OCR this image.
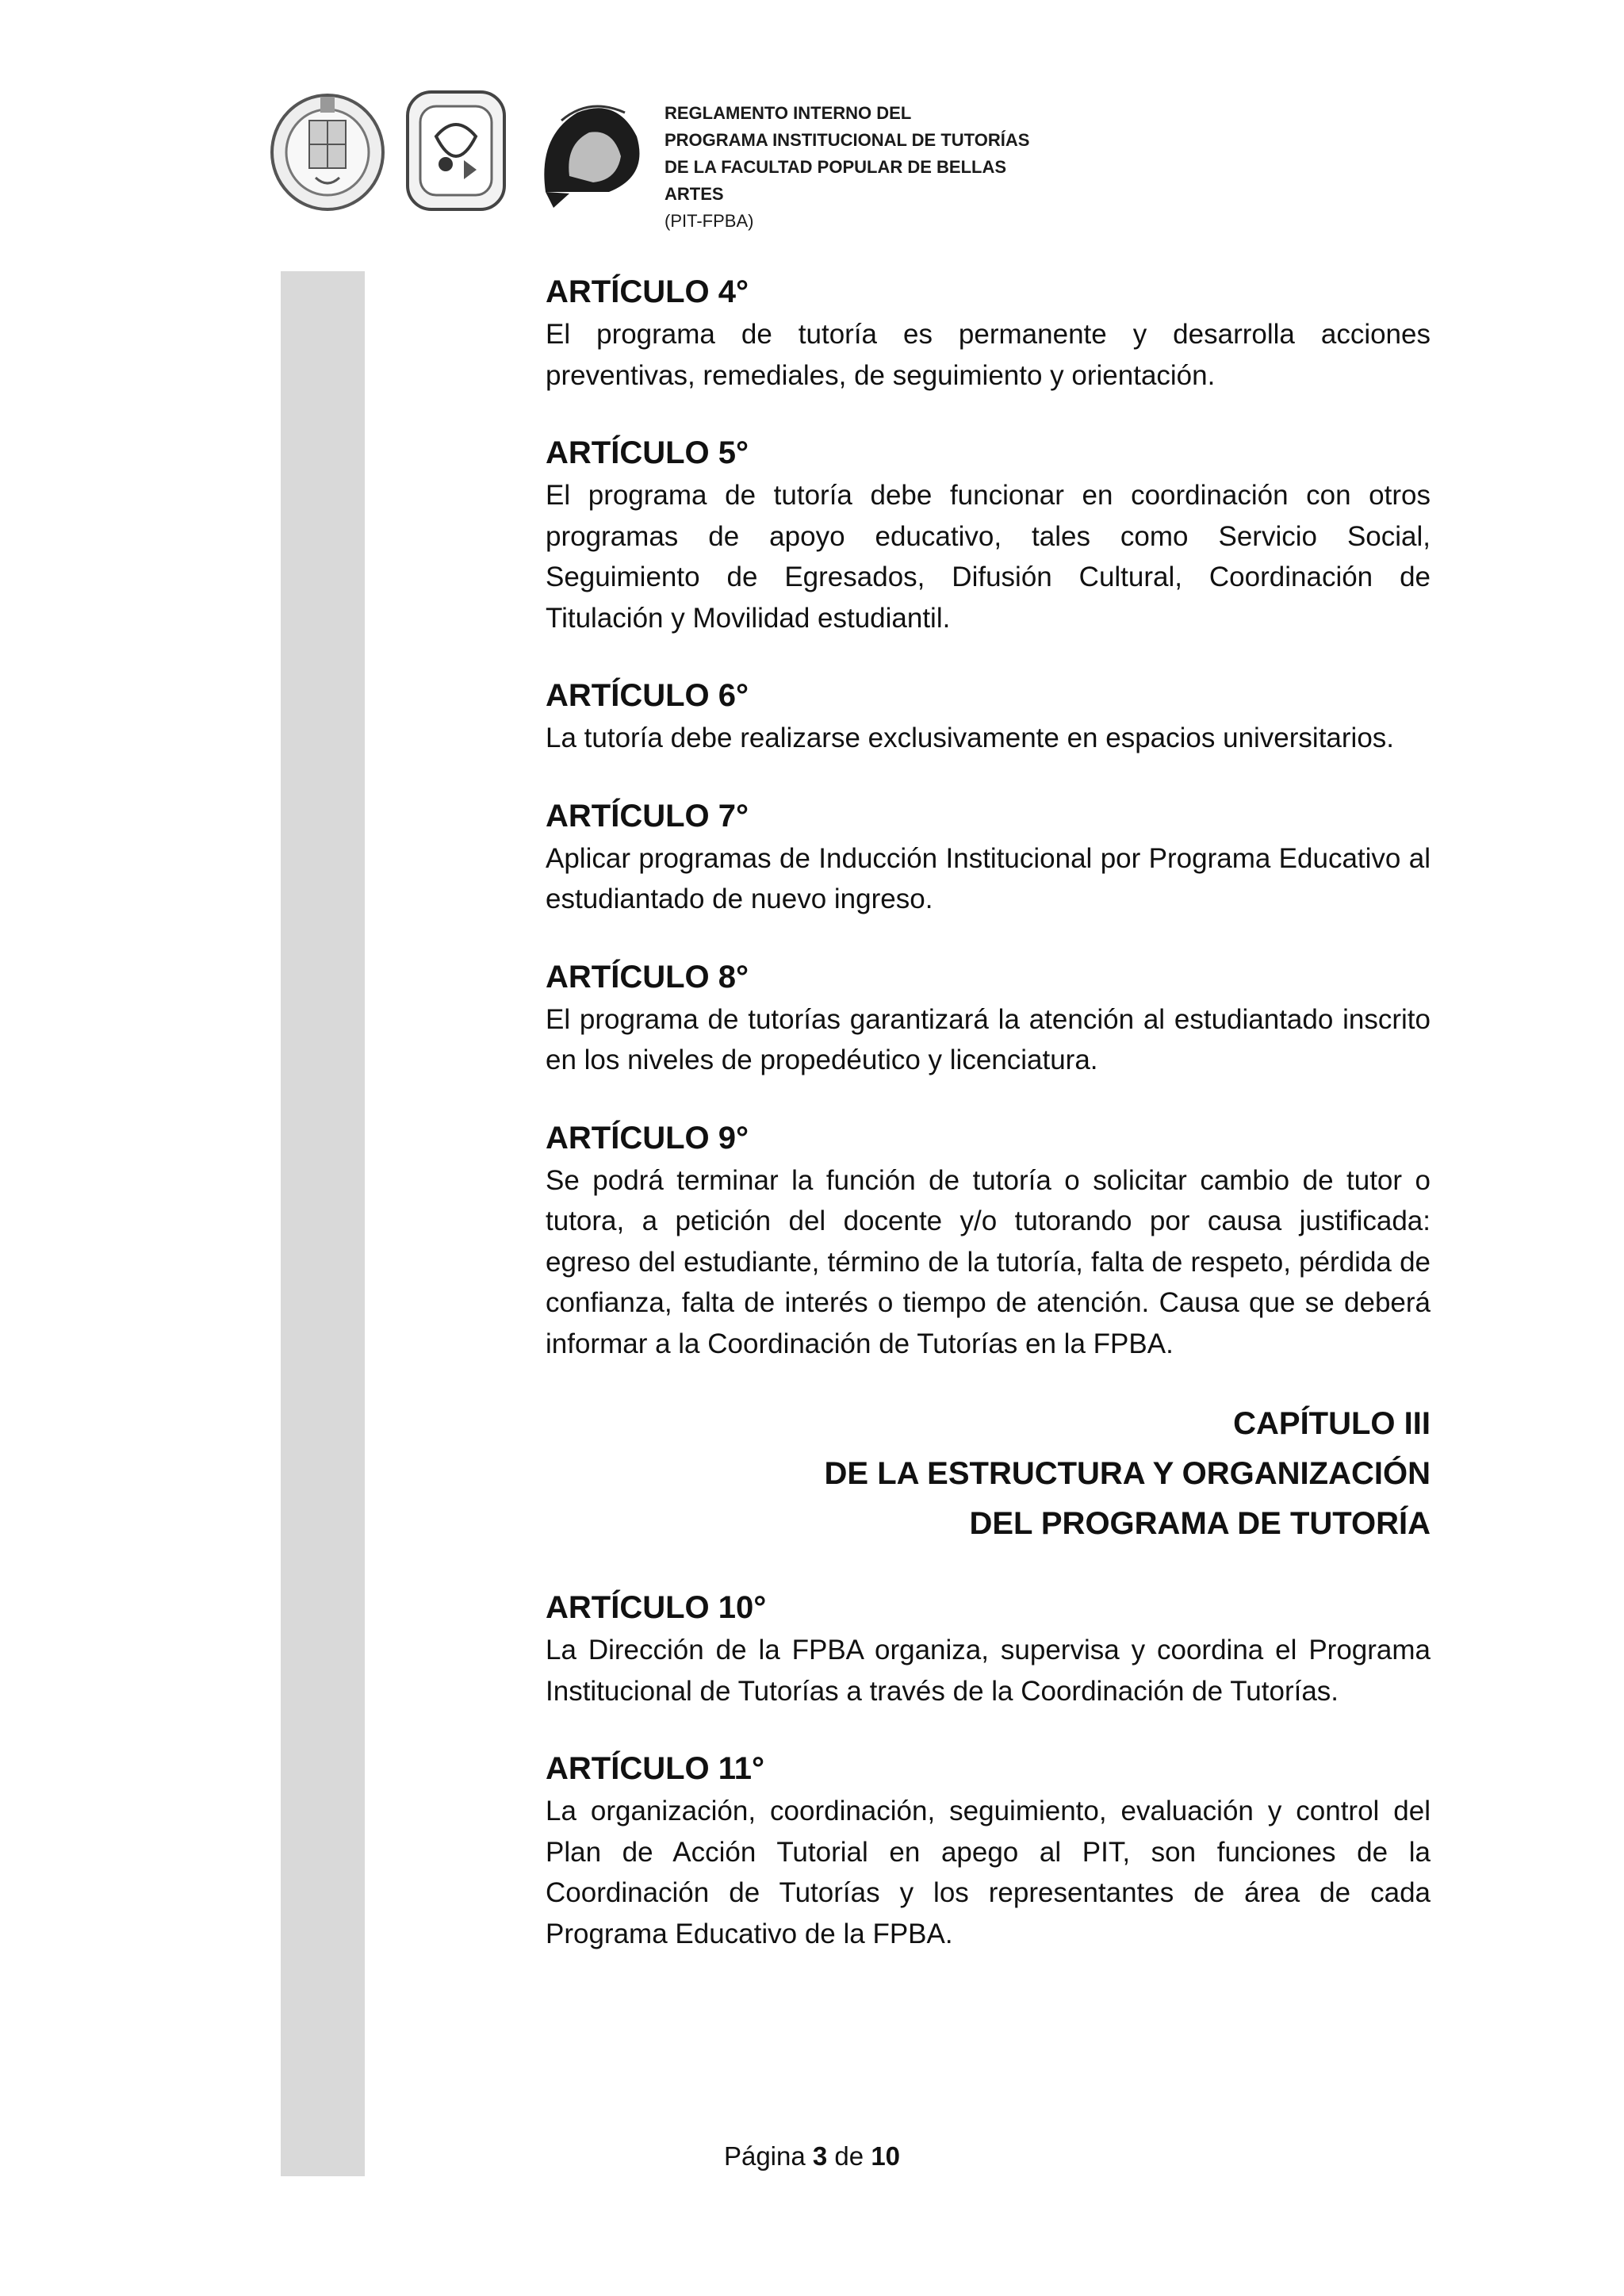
REGLAMENTO INTERNO DEL
PROGRAMA INSTITUCIONAL DE TUTORÍAS
DE LA FACULTAD POPULAR DE BELLAS ARTES
(PIT-FPBA)

ARTÍCULO 4°

El programa de tutoría es permanente y desarrolla acciones preventivas, remediales, de seguimiento y orientación.

ARTÍCULO 5°

El programa de tutoría debe funcionar en coordinación con otros programas de apoyo educativo, tales como Servicio Social, Seguimiento de Egresados, Difusión Cultural, Coordinación de Titulación y Movilidad estudiantil.

ARTÍCULO 6°

La tutoría debe realizarse exclusivamente en espacios universitarios.

ARTÍCULO 7°

Aplicar programas de Inducción Institucional por Programa Educativo al estudiantado de nuevo ingreso.

ARTÍCULO 8°

El programa de tutorías garantizará la atención al estudiantado inscrito en los niveles de propedéutico y licenciatura.

ARTÍCULO 9°

Se podrá terminar la función de tutoría o solicitar cambio de tutor o tutora, a petición del docente y/o tutorando por causa justificada: egreso del estudiante, término de la tutoría, falta de respeto, pérdida de confianza, falta de interés o tiempo de atención. Causa que se deberá informar a la Coordinación de Tutorías en la FPBA.

CAPÍTULO III
DE LA ESTRUCTURA Y ORGANIZACIÓN
DEL PROGRAMA DE TUTORÍA

ARTÍCULO 10°

La Dirección de la FPBA organiza, supervisa y coordina el Programa Institucional de Tutorías a través de la Coordinación de Tutorías.

ARTÍCULO 11°

La organización, coordinación, seguimiento, evaluación y control del Plan de Acción Tutorial en apego al PIT, son funciones de la Coordinación de Tutorías y los representantes de área de cada Programa Educativo de la FPBA.

Página 3 de 10
